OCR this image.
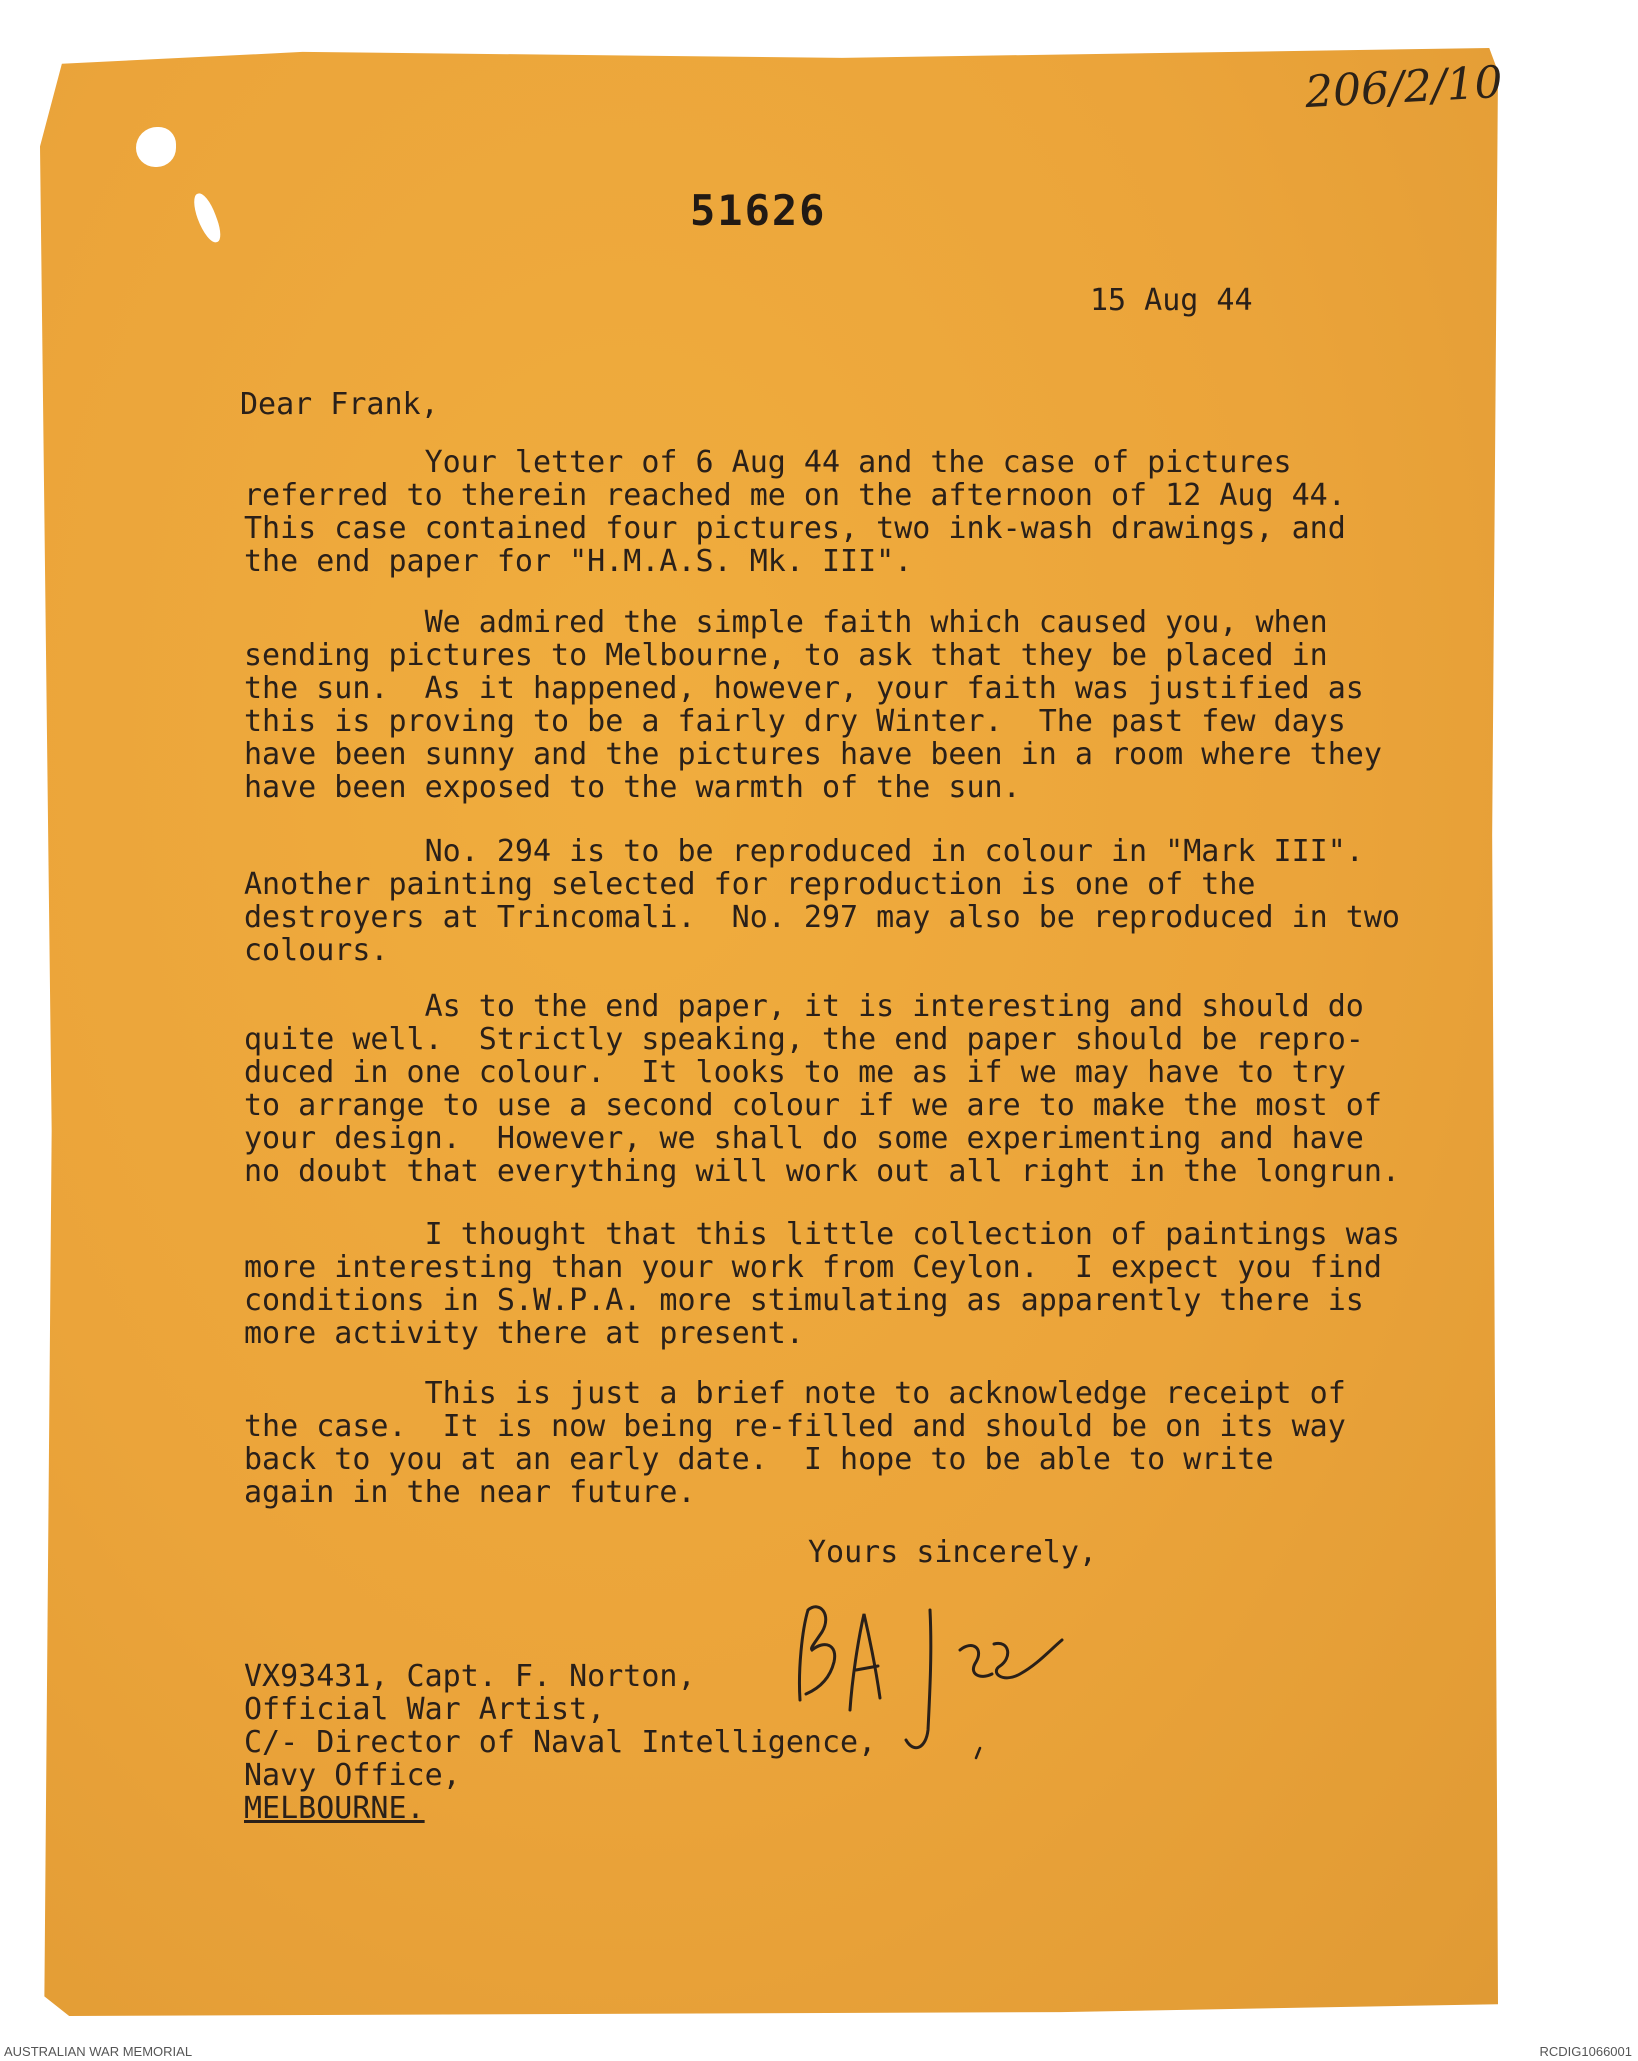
206/2/10
51626
15 Aug 44
Dear Frank,
Your letter of 6 Aug 44 and the case of pictures
referred to therein reached me on the afternoon of 12 Aug 44.
This case contained four pictures, two ink-wash drawings, and
the end paper for "H.M.A.S. Mk. III".
We admired the simple faith which caused you, when
sending pictures to Melbourne, to ask that they be placed in
the sun.  As it happened, however, your faith was justified as
this is proving to be a fairly dry Winter.  The past few days
have been sunny and the pictures have been in a room where they
have been exposed to the warmth of the sun.
No. 294 is to be reproduced in colour in "Mark III".
Another painting selected for reproduction is one of the
destroyers at Trincomali.  No. 297 may also be reproduced in two
colours.
As to the end paper, it is interesting and should do
quite well.  Strictly speaking, the end paper should be repro-
duced in one colour.  It looks to me as if we may have to try
to arrange to use a second colour if we are to make the most of
your design.  However, we shall do some experimenting and have
no doubt that everything will work out all right in the longrun.
I thought that this little collection of paintings was
more interesting than your work from Ceylon.  I expect you find
conditions in S.W.P.A. more stimulating as apparently there is
more activity there at present.
This is just a brief note to acknowledge receipt of
the case.  It is now being re-filled and should be on its way
back to you at an early date.  I hope to be able to write
again in the near future.
Yours sincerely,
VX93431, Capt. F. Norton,
Official War Artist,
C/- Director of Naval Intelligence,
Navy Office,
MELBOURNE.
AUSTRALIAN WAR MEMORIAL	RCDIG1066001
